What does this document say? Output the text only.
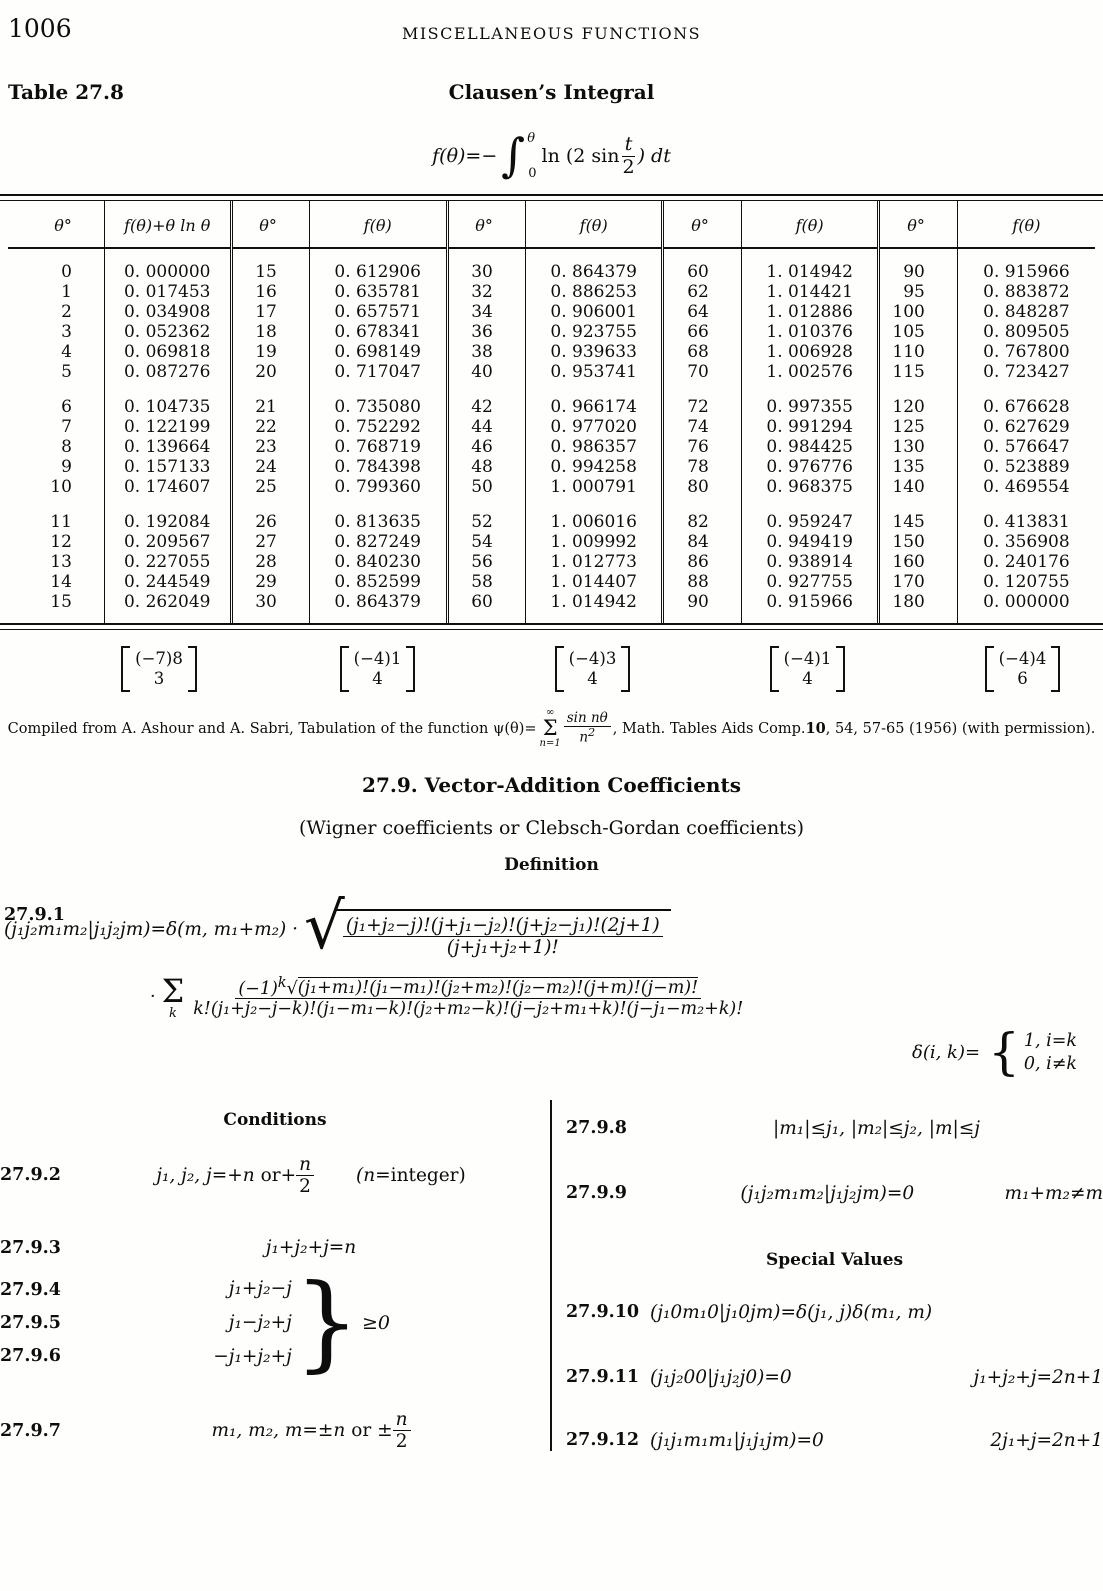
1006	MISCELLANEOUS FUNCTIONS
Table 27.8	Clausen’s Integral
f(θ)=− ∫ θ
0
ln (2 $\sin \frac{t}{2}$ ) dt
θ°	f(θ)+θ ln θ	θ°	f(θ)	θ°	f(θ)	θ°	f(θ)	θ°	f(θ)
0	0. 000000	15	0. 612906	30	0. 864379	60	1. 014942	90	0. 915966
1	0. 017453	16	0. 635781	32	0. 886253	62	1. 014421	95	0. 883872
2	0. 034908	17	0. 657571	34	0. 906001	64	1. 012886	100	0. 848287
3	0. 052362	18	0. 678341	36	0. 923755	66	1. 010376	105	0. 809505
4	0. 069818	19	0. 698149	38	0. 939633	68	1. 006928	110	0. 767800
5	0. 087276	20	0. 717047	40	0. 953741	70	1. 002576	115	0. 723427

6	0. 104735	21	0. 735080	42	0. 966174	72	0. 997355	120	0. 676628
7	0. 122199	22	0. 752292	44	0. 977020	74	0. 991294	125	0. 627629
8	0. 139664	23	0. 768719	46	0. 986357	76	0. 984425	130	0. 576647
9	0. 157133	24	0. 784398	48	0. 994258	78	0. 976776	135	0. 523889
10	0. 174607	25	0. 799360	50	1. 000791	80	0. 968375	140	0. 469554

11	0. 192084	26	0. 813635	52	1. 006016	82	0. 959247	145	0. 413831
12	0. 209567	27	0. 827249	54	1. 009992	84	0. 949419	150	0. 356908
13	0. 227055	28	0. 840230	56	1. 012773	86	0. 938914	160	0. 240176
14	0. 244549	29	0. 852599	58	1. 014407	88	0. 927755	170	0. 120755
15	0. 262049	30	0. 864379	60	1. 014942	90	0. 915966	180	0. 000000
(−7)8
3
(−4)1
4
(−4)3
4
(−4)1
4
(−4)4
6
Compiled from A. Ashour and A. Sabri, Tabulation of the function ψ(θ)=
∞
Σ
$n=1 \frac{\text{sin nθ}}{n^2}$ , Math. Tables Aids Comp. 10 , 54, 57-65 (1956) (with permission).
27.9. Vector-Addition Coefficients
(Wigner coefficients or Clebsch-Gordan coefficients)
Definition
27.9.1
(j₁j₂m₁m₂|j₁j₂jm)=δ(m, m₁+m₂) · √
$\frac{\text{(j₁+j₂−j)!(j+j₁−j₂)!(j+j₂−j₁)!(2j+1)}}{\text{(j+j₁+j₂+1)!}}$
· Σ
k $\frac{(-1)^k√(j_1+m_1)!(j_1-m_1)!(j_2+m_2)!(j_2-m_2)!(j+m)!(j-m)!}{\text{k!(j₁+j₂−j−k)!(j₁−m₁−k)!(j₂+m₂−k)!(j−j₂+m₁+k)!(j−j₁−m₂+k)!}}$
δ(i, k)= { 1, i=k
0, i≠k
Conditions
27.9.2	j₁, j₂, j=+n
or + $\frac{n}{2} (n=$ integer)
27.9.3	j₁+j₂+j=n
27.9.4
27.9.5
27.9.6
j₁+j₂−j
j₁−j₂+j
−j₁+j₂+j } ≥0
27.9.7	m₁, m₂, m=±n
or
± $\frac{n}{2}$
27.9.8	|m₁|≤j₁, |m₂|≤j₂, |m|≤j
27.9.9	(j₁j₂m₁m₂|j₁j₂jm)=0	m₁+m₂≠m
Special Values
27.9.10 (j₁0m₁0|j₁0jm)=δ(j₁, j)δ(m₁, m)
27.9.11 (j₁j₂00|j₁j₂j0)=0	j₁+j₂+j=2n+1
27.9.12 (j₁j₁m₁m₁|j₁j₁jm)=0	2j₁+j=2n+1
